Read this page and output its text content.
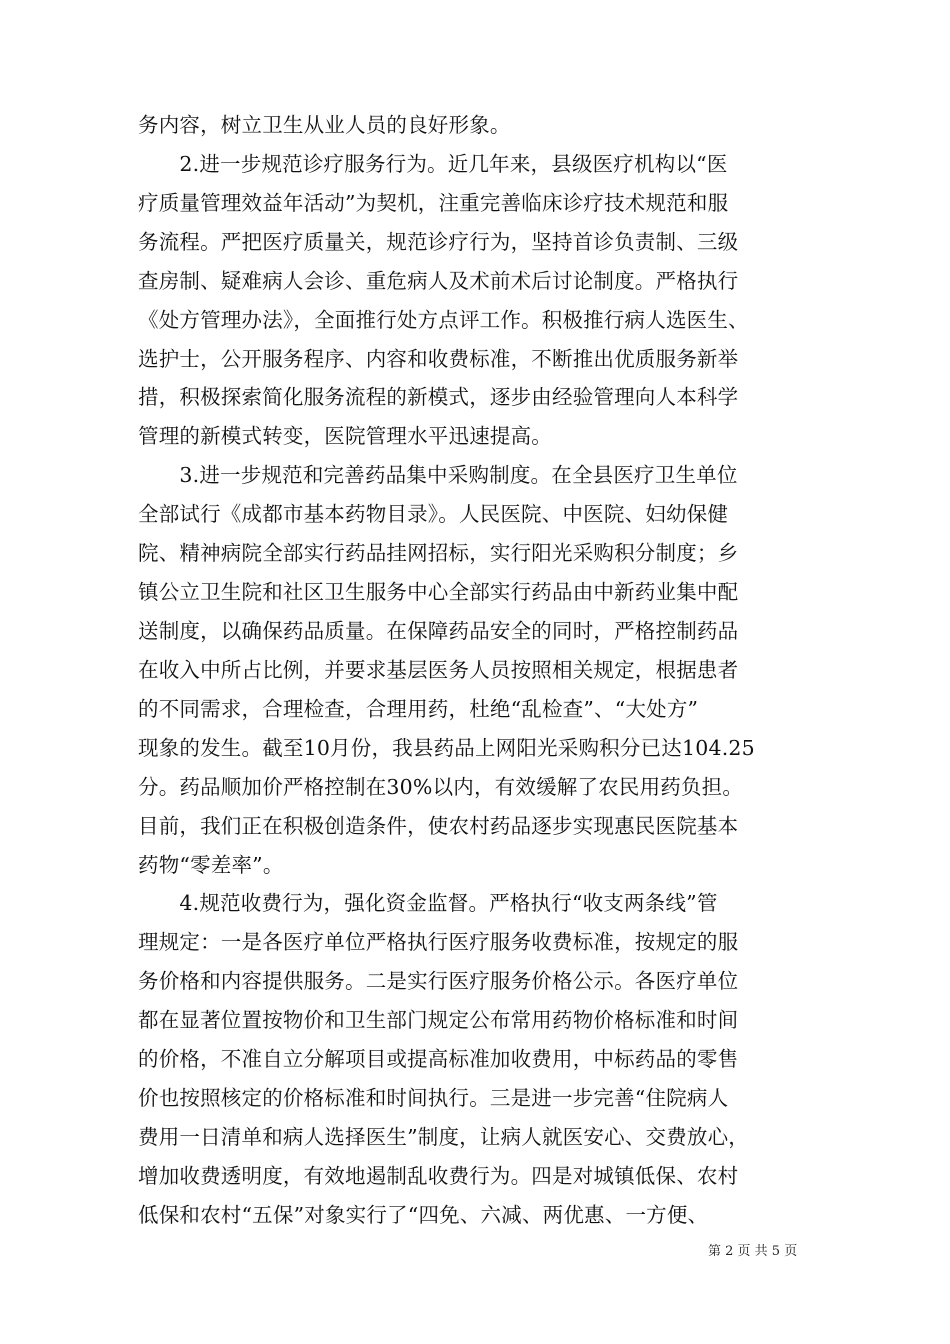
务内容，树立卫生从业人员的良好形象。
　　2.进一步规范诊疗服务行为。近几年来，县级医疗机构以“医
疗质量管理效益年活动”为契机，注重完善临床诊疗技术规范和服
务流程。严把医疗质量关，规范诊疗行为，坚持首诊负责制、三级
查房制、疑难病人会诊、重危病人及术前术后讨论制度。严格执行
《处方管理办法》，全面推行处方点评工作。积极推行病人选医生、
选护士，公开服务程序、内容和收费标准，不断推出优质服务新举
措，积极探索简化服务流程的新模式，逐步由经验管理向人本科学
管理的新模式转变，医院管理水平迅速提高。
　　3.进一步规范和完善药品集中采购制度。在全县医疗卫生单位
全部试行《成都市基本药物目录》。人民医院、中医院、妇幼保健
院、精神病院全部实行药品挂网招标，实行阳光采购积分制度；乡
镇公立卫生院和社区卫生服务中心全部实行药品由中新药业集中配
送制度，以确保药品质量。在保障药品安全的同时，严格控制药品
在收入中所占比例，并要求基层医务人员按照相关规定，根据患者
的不同需求，合理检查，合理用药，杜绝“乱检查”、“大处方”
现象的发生。截至10月份，我县药品上网阳光采购积分已达104.25
分。药品顺加价严格控制在30%以内，有效缓解了农民用药负担。
目前，我们正在积极创造条件，使农村药品逐步实现惠民医院基本
药物“零差率”。
　　4.规范收费行为，强化资金监督。严格执行“收支两条线”管
理规定：一是各医疗单位严格执行医疗服务收费标准，按规定的服
务价格和内容提供服务。二是实行医疗服务价格公示。各医疗单位
都在显著位置按物价和卫生部门规定公布常用药物价格标准和时间
的价格，不准自立分解项目或提高标准加收费用，中标药品的零售
价也按照核定的价格标准和时间执行。三是进一步完善“住院病人
费用一日清单和病人选择医生”制度，让病人就医安心、交费放心，
增加收费透明度，有效地遏制乱收费行为。四是对城镇低保、农村
低保和农村“五保”对象实行了“四免、六减、两优惠、一方便、
第 2 页 共 5 页
